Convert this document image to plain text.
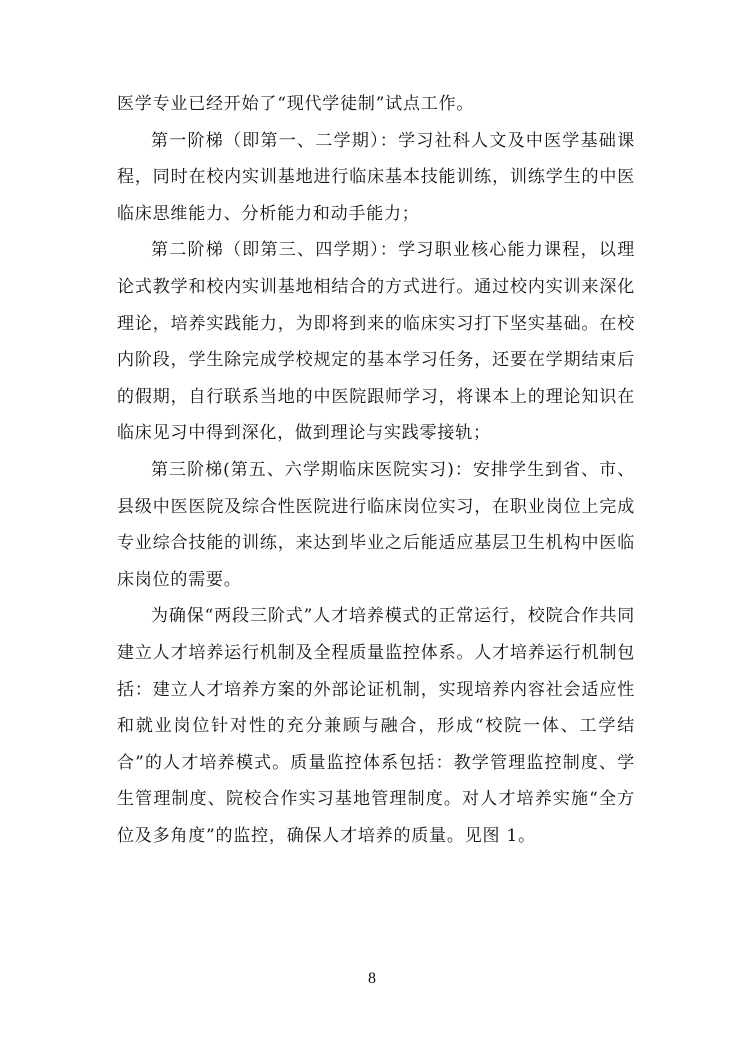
医学专业已经开始了“现代学徒制”试点工作。

第一阶梯（即第一、二学期）：学习社科人文及中医学基础课程，同时在校内实训基地进行临床基本技能训练，训练学生的中医临床思维能力、分析能力和动手能力；

第二阶梯（即第三、四学期）：学习职业核心能力课程，以理论式教学和校内实训基地相结合的方式进行。通过校内实训来深化理论，培养实践能力，为即将到来的临床实习打下坚实基础。在校内阶段，学生除完成学校规定的基本学习任务，还要在学期结束后的假期，自行联系当地的中医院跟师学习，将课本上的理论知识在临床见习中得到深化，做到理论与实践零接轨；

第三阶梯(第五、六学期临床医院实习)：安排学生到省、市、县级中医医院及综合性医院进行临床岗位实习，在职业岗位上完成专业综合技能的训练，来达到毕业之后能适应基层卫生机构中医临床岗位的需要。

为确保“两段三阶式”人才培养模式的正常运行，校院合作共同建立人才培养运行机制及全程质量监控体系。人才培养运行机制包括：建立人才培养方案的外部论证机制，实现培养内容社会适应性和就业岗位针对性的充分兼顾与融合，形成“校院一体、工学结合”的人才培养模式。质量监控体系包括：教学管理监控制度、学生管理制度、院校合作实习基地管理制度。对人才培养实施“全方位及多角度”的监控，确保人才培养的质量。见图 1。

8
